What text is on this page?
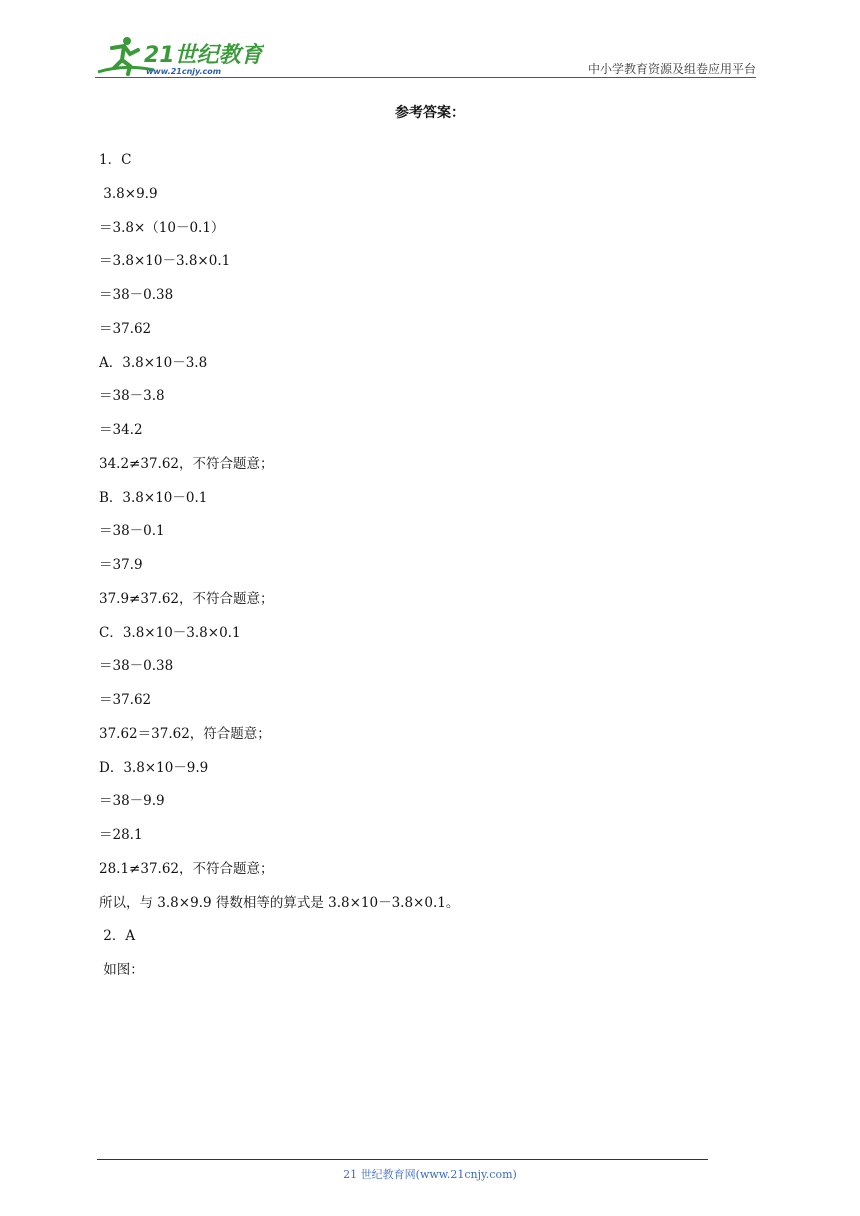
21世纪教育
www.21cnjy.com	中小学教育资源及组卷应用平台
参考答案：
1．C
3.8×9.9
＝3.8×（10－0.1）
＝3.8×10－3.8×0.1
＝38－0.38
＝37.62
A．3.8×10－3.8
＝38－3.8
＝34.2
34.2≠37.62，不符合题意；
B．3.8×10－0.1
＝38－0.1
＝37.9
37.9≠37.62，不符合题意；
C．3.8×10－3.8×0.1
＝38－0.38
＝37.62
37.62＝37.62，符合题意；
D．3.8×10－9.9
＝38－9.9
＝28.1
28.1≠37.62，不符合题意；
所以，与 3.8×9.9 得数相等的算式是 3.8×10－3.8×0.1。
2．A
如图：
21 世纪教育网(www.21cnjy.com)
